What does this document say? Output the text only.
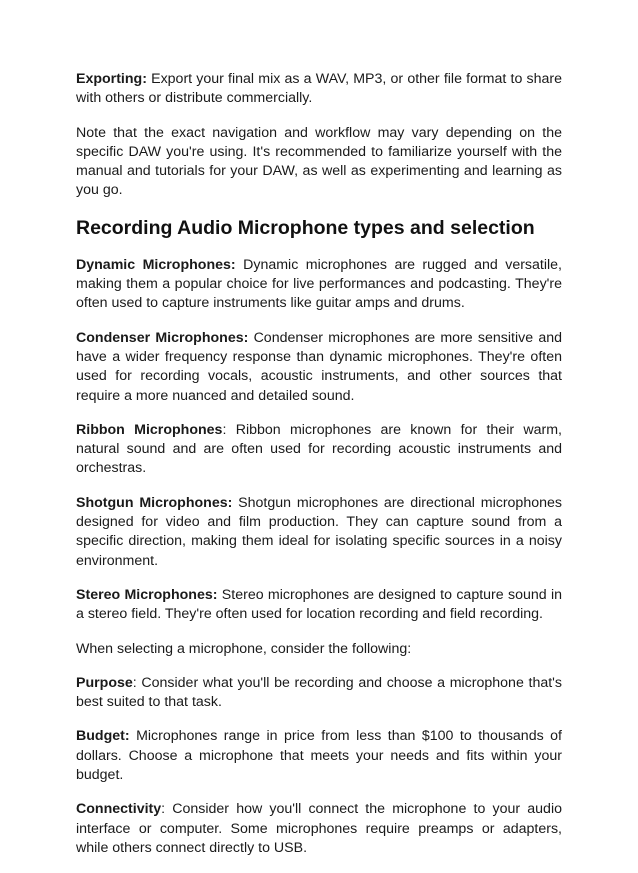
Exporting: Export your final mix as a WAV, MP3, or other file format to share with others or distribute commercially.

Note that the exact navigation and workflow may vary depending on the specific DAW you're using. It's recommended to familiarize yourself with the manual and tutorials for your DAW, as well as experimenting and learning as you go.

Recording Audio Microphone types and selection

Dynamic Microphones: Dynamic microphones are rugged and versatile, making them a popular choice for live performances and podcasting. They're often used to capture instruments like guitar amps and drums.

Condenser Microphones: Condenser microphones are more sensitive and have a wider frequency response than dynamic microphones. They're often used for recording vocals, acoustic instruments, and other sources that require a more nuanced and detailed sound.

Ribbon Microphones: Ribbon microphones are known for their warm, natural sound and are often used for recording acoustic instruments and orchestras.

Shotgun Microphones: Shotgun microphones are directional microphones designed for video and film production. They can capture sound from a specific direction, making them ideal for isolating specific sources in a noisy environment.

Stereo Microphones: Stereo microphones are designed to capture sound in a stereo field. They're often used for location recording and field recording.

When selecting a microphone, consider the following:

Purpose: Consider what you'll be recording and choose a microphone that's best suited to that task.

Budget: Microphones range in price from less than $100 to thousands of dollars. Choose a microphone that meets your needs and fits within your budget.

Connectivity: Consider how you'll connect the microphone to your audio interface or computer. Some microphones require preamps or adapters, while others connect directly to USB.
